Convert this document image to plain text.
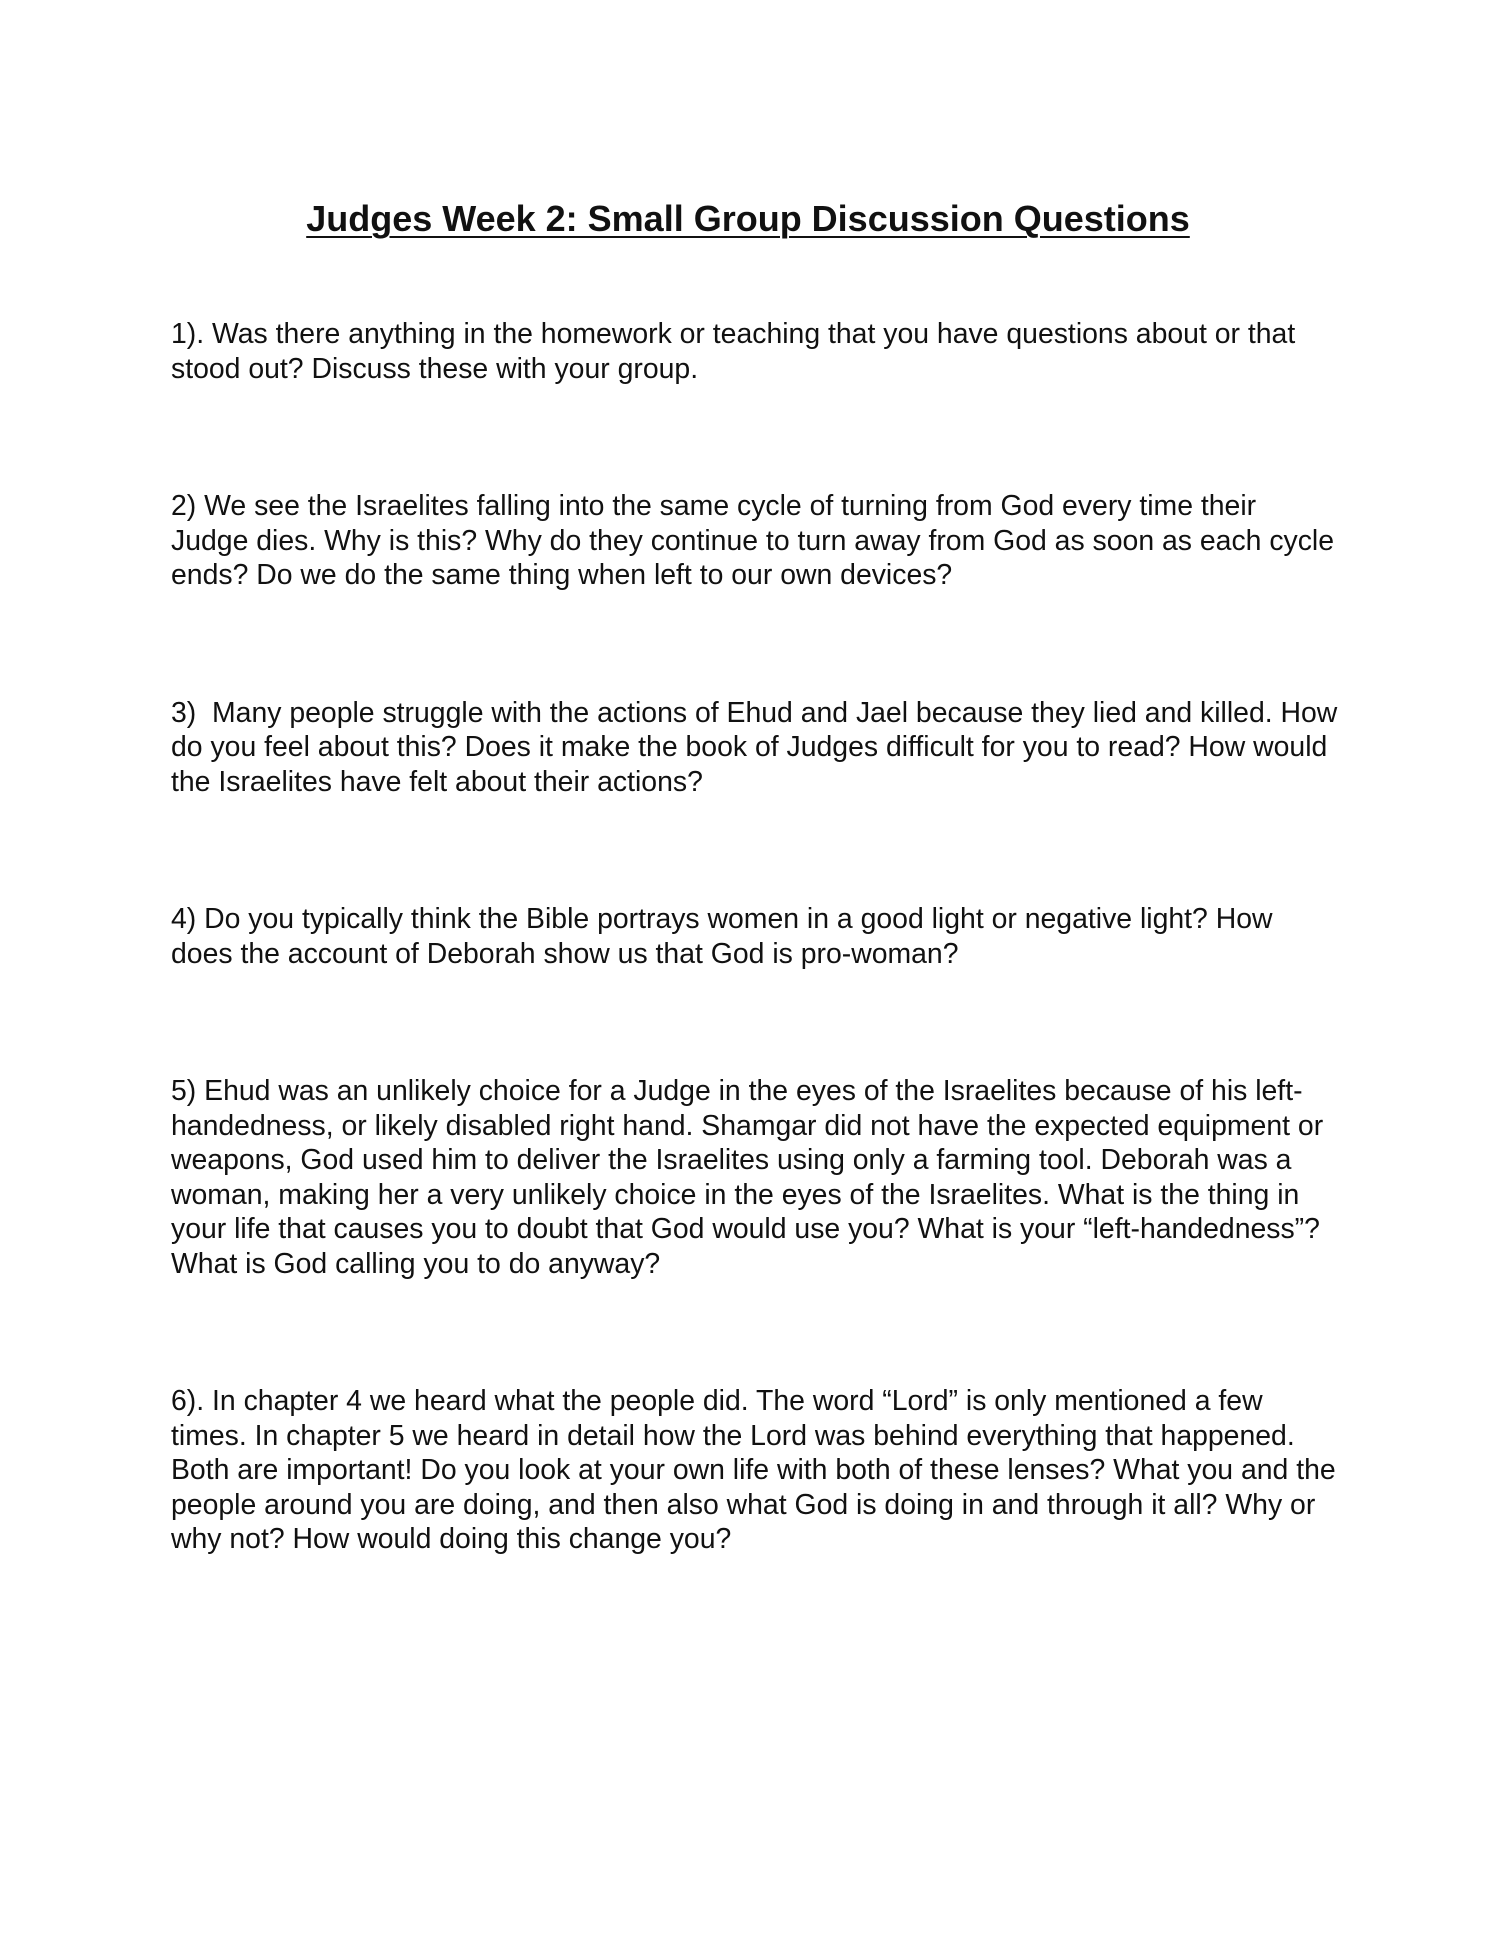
Judges Week 2: Small Group Discussion Questions
1). Was there anything in the homework or teaching that you have questions about or that stood out? Discuss these with your group.
2) We see the Israelites falling into the same cycle of turning from God every time their Judge dies. Why is this? Why do they continue to turn away from God as soon as each cycle ends? Do we do the same thing when left to our own devices?
3)  Many people struggle with the actions of Ehud and Jael because they lied and killed. How do you feel about this? Does it make the book of Judges difficult for you to read? How would the Israelites have felt about their actions?
4) Do you typically think the Bible portrays women in a good light or negative light? How does the account of Deborah show us that God is pro-woman?
5) Ehud was an unlikely choice for a Judge in the eyes of the Israelites because of his left-handedness, or likely disabled right hand. Shamgar did not have the expected equipment or weapons, God used him to deliver the Israelites using only a farming tool. Deborah was a woman, making her a very unlikely choice in the eyes of the Israelites. What is the thing in your life that causes you to doubt that God would use you? What is your “left-handedness”?  What is God calling you to do anyway?
6). In chapter 4 we heard what the people did. The word “Lord” is only mentioned a few times. In chapter 5 we heard in detail how the Lord was behind everything that happened. Both are important! Do you look at your own life with both of these lenses? What you and the people around you are doing, and then also what God is doing in and through it all? Why or why not? How would doing this change you?
